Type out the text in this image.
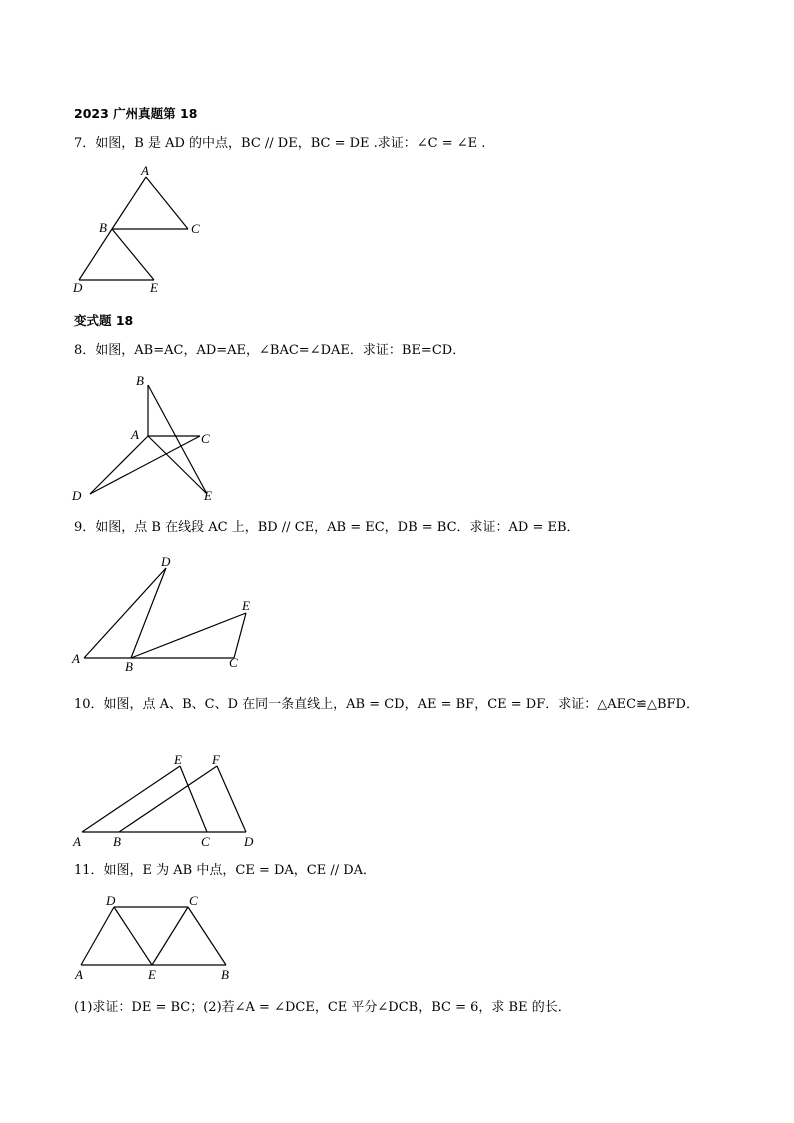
2023 广州真题第 18
7．如图，B 是 AD 的中点，BC // DE，BC = DE .求证：∠C = ∠E .
A
B	C
D	E
变式题 18
8．如图，AB=AC，AD=AE，∠BAC=∠DAE．求证：BE=CD．
B
A	C
D	E
9．如图，点 B 在线段 AC 上，BD // CE，AB = EC，DB = BC．求证：AD = EB．
D
E
A
B	C
10．如图，点 A、B、C、D 在同一条直线上，AB = CD，AE = BF，CE = DF．求证：△AEC≌△BFD．
E F
A B	C	D
11．如图，E 为 AB 中点，CE = DA，CE // DA．
D	C
A	E	B
(1)求证：DE = BC；(2)若∠A = ∠DCE，CE 平分∠DCB，BC = 6，求 BE 的长．
